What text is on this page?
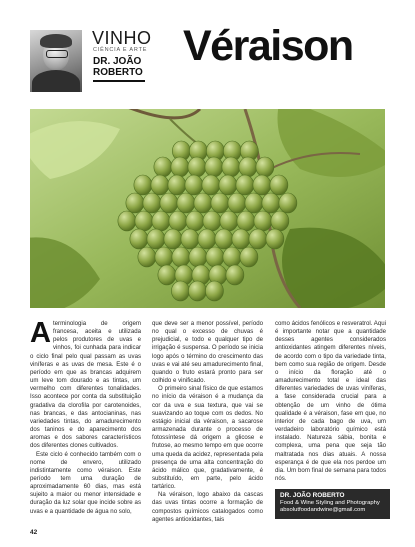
VINHO
CIÊNCIA E ARTE
DR. JOÃO
ROBERTO
Véraison

A terminologia de origem francesa, aceita e utilizada pelos produtores de uvas e vinhos, foi cunhada para indicar o ciclo final pelo qual passam as uvas viníferas e as uvas de mesa. Este é o período em que as brancas adquirem um leve tom dourado e as tintas, um vermelho com diferentes tonalidades. Isso acontece por conta da substituição gradativa da clorofila por carotenoides, nas brancas, e das antocianinas, nas variedades tintas, do amadurecimento dos taninos e do aparecimento dos aromas e dos sabores característicos dos diferentes clones cultivados.

Este ciclo é conhecido também com o nome de envero, utilizado indistintamente como véraison. Este período tem uma duração de aproximadamente 60 dias, mas está sujeito a maior ou menor intensidade e duração da luz solar que incide sobre as uvas e a quantidade de água no solo,

que deve ser a menor possível, período no qual o excesso de chuvas é prejudicial, e todo e qualquer tipo de irrigação é suspensa. O período se inicia logo após o término do crescimento das uvas e vai até seu amadurecimento final, quando o fruto estará pronto para ser colhido e vinificado.

O primeiro sinal físico de que estamos no início da véraison é a mudança da cor da uva e sua textura, que vai se suavizando ao toque com os dedos. No estágio inicial da véraison, a sacarose armazenada durante o processo de fotossíntese dá origem a glicose e frutose, ao mesmo tempo em que ocorre uma queda da acidez, representada pela presença de uma alta concentração do ácido málico que, gradativamente, é substituído, em parte, pelo ácido tartárico.

Na véraison, logo abaixo da cascas das uvas tintas ocorre a formação de compostos químicos catalogados como agentes antioxidantes, tais

como ácidos fenólicos e resveratrol. Aqui é importante notar que a quantidade desses agentes considerados antioxidantes atingem diferentes níveis, de acordo com o tipo da variedade tinta, bem como sua região de origem. Desde o início da floração até o amadurecimento total e ideal das diferentes variedades de uvas viníferas, a fase considerada crucial para a obtenção de um vinho de ótima qualidade é a véraison, fase em que, no interior de cada bago de uva, um verdadeiro laboratório químico está instalado. Natureza sábia, bonita e complexa, uma pena que seja tão maltratada nos dias atuais. A nossa esperança é de que ela nos perdoe um dia. Um bom final de semana para todos nós.

DR. JOÃO ROBERTO
Food & Wine Styling and Photography
absolutfoodandwine@gmail.com
42
